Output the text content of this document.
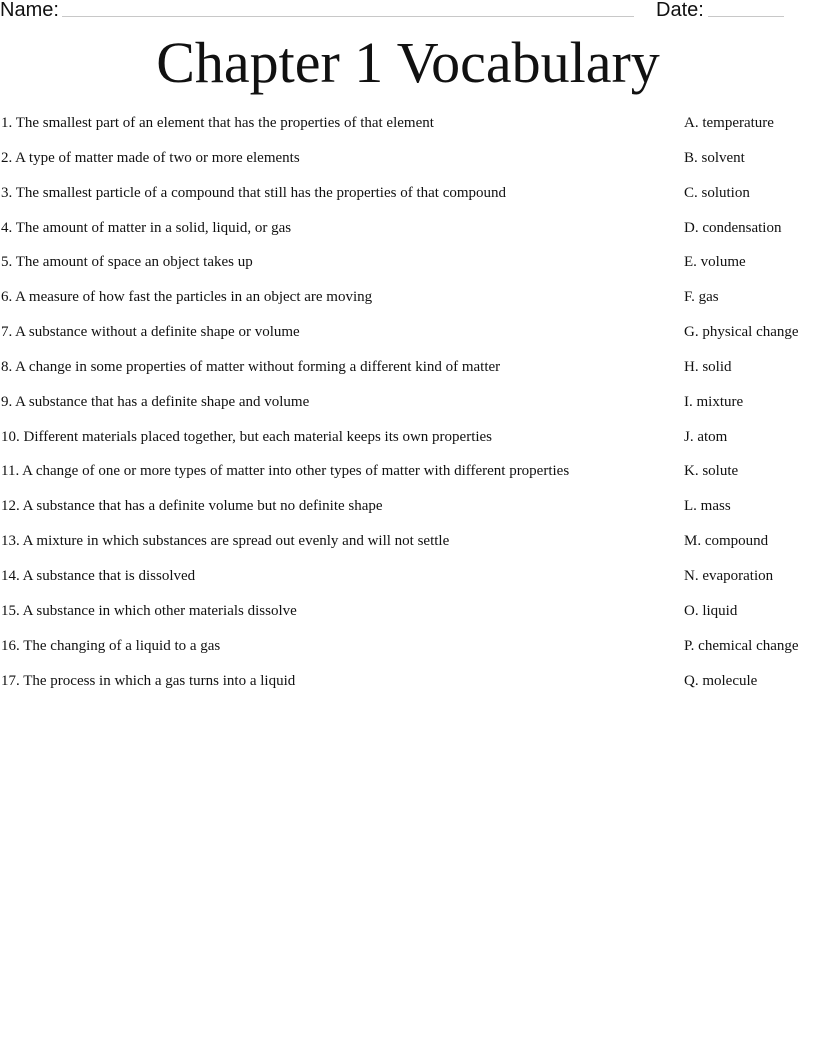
Name:	Date:
Chapter 1 Vocabulary
1. The smallest part of an element that has the properties of that element	A. temperature
2. A type of matter made of two or more elements	B. solvent
3. The smallest particle of a compound that still has the properties of that compound	C. solution
4. The amount of matter in a solid, liquid, or gas	D. condensation
5. The amount of space an object takes up	E. volume
6. A measure of how fast the particles in an object are moving	F. gas
7. A substance without a definite shape or volume	G. physical change
8. A change in some properties of matter without forming a different kind of matter	H. solid
9. A substance that has a definite shape and volume	I. mixture
10. Different materials placed together, but each material keeps its own properties	J. atom
11. A change of one or more types of matter into other types of matter with different properties	K. solute
12. A substance that has a definite volume but no definite shape	L. mass
13. A mixture in which substances are spread out evenly and will not settle	M. compound
14. A substance that is dissolved	N. evaporation
15. A substance in which other materials dissolve	O. liquid
16. The changing of a liquid to a gas	P. chemical change
17. The process in which a gas turns into a liquid	Q. molecule
